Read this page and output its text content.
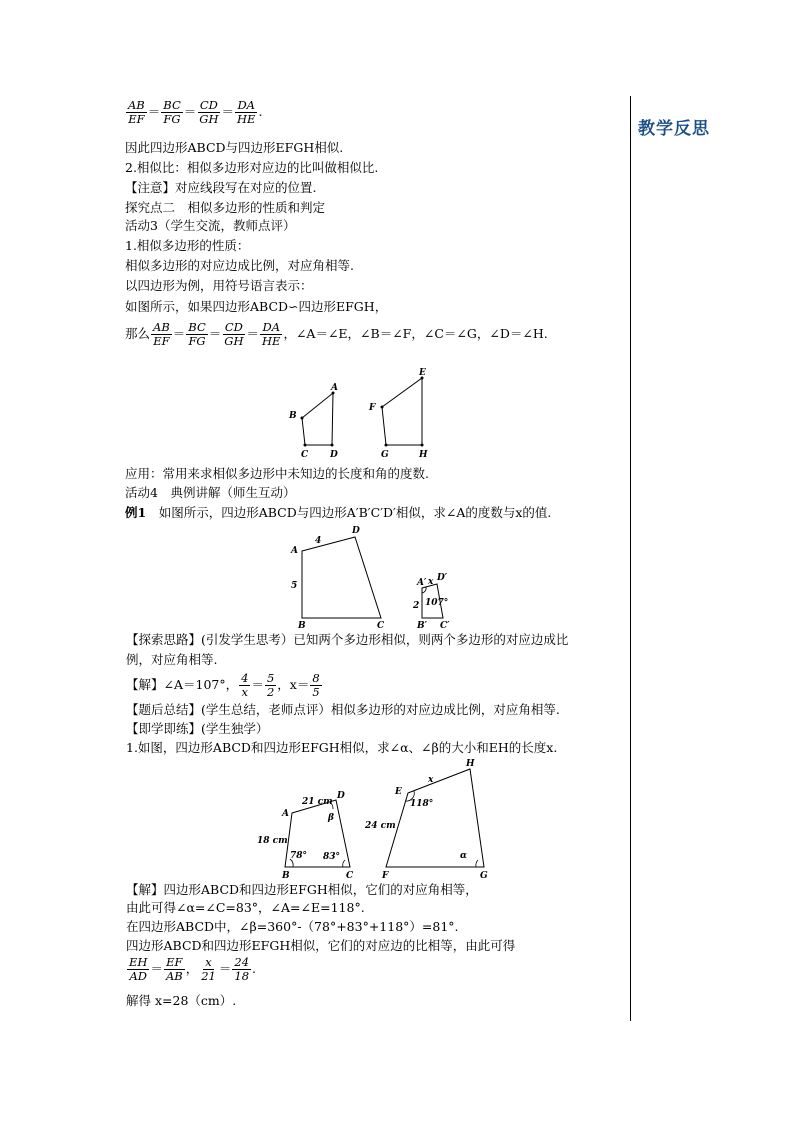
教学反思
$\frac{AB}{EF} = \frac{BC}{FG} = \frac{CD}{GH} = \frac{DA}{HE}$ .
因此四边形ABCD与四边形EFGH相似.
2.相似比：相似多边形对应边的比叫做相似比.
【注意】对应线段写在对应的位置.
探究点二　相似多边形的性质和判定
活动3（学生交流，教师点评）
1.相似多边形的性质：
相似多边形的对应边成比例，对应角相等.
以四边形为例，用符号语言表示：
如图所示，如果四边形ABCD∽四边形EFGH，
那么 $\frac{AB}{EF} = \frac{BC}{FG} = \frac{CD}{GH} = \frac{DA}{HE}$ ，∠A＝∠E，∠B＝∠F，∠C＝∠G，∠D＝∠H.
A
B
C D
E
F
G	H
应用：常用来求相似多边形中未知边的长度和角的度数.
活动4　典例讲解（师生互动）
例1　如图所示，四边形ABCD与四边形A′B′C′D′相似，求∠A的度数与x的值.
A
D
B	C
4
5	A′ x D′
2 107°
B′ C′
【探索思路】(引发学生思考）已知两个多边形相似，则两个多边形的对应边成比
例，对应角相等.
【解】∠A＝107°， $\frac{4}{x} = \frac{5}{2}$ ，$x= \frac{8}{5}$
【题后总结】(学生总结，老师点评）相似多边形的对应边成比例，对应角相等.
【即学即练】(学生独学）
1.如图，四边形ABCD和四边形EFGH相似，求∠α、∠β的大小和EH的长度x.
A
D
B	C
21 cm
18 cm
78° 83°
β
E
H
F	G
x
118°
24 cm
α
【解】四边形ABCD和四边形EFGH相似，它们的对应角相等，
由此可得∠α=∠C=83°，∠A=∠E=118°.
在四边形ABCD中，∠β=360°-（78°+83°+118°）=81°.
四边形ABCD和四边形EFGH相似，它们的对应边的比相等，由此可得
$\frac{EH}{AD} = \frac{EF}{AB}$ ， $\frac{x}{21} = \frac{24}{18}$ .
解得 x=28（cm）.
